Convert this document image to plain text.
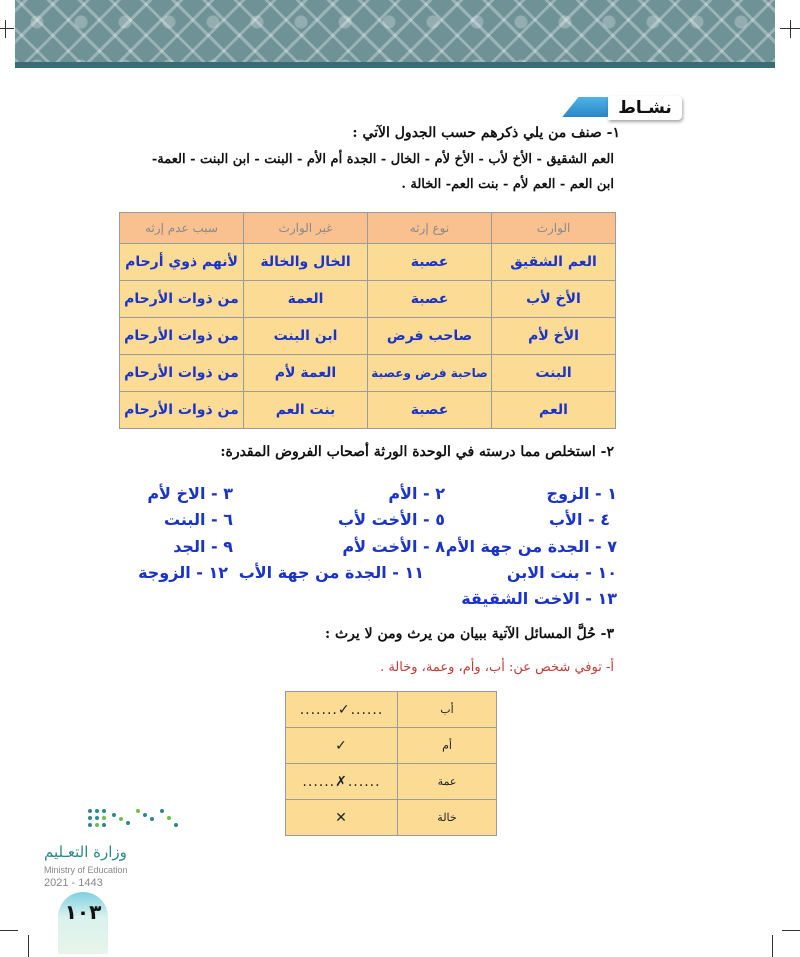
نشـاط
١- صنف من يلي ذكرهم حسب الجدول الآتي :
العم الشقيق - الأخ لأب - الأخ لأم - الخال - الجدة أم الأم - البنت - ابن البنت - العمة-
ابن العم - العم لأم - بنت العم- الخالة .
الوارث	نوع إرثه	غير الوارث	سبب عدم إرثه
العم الشقيق	عصبة	الخال والخالة	لأنهم ذوي أرحام
الأخ لأب	عصبة	العمة	من ذوات الأرحام
الأخ لأم	صاحب فرض	ابن البنت	من ذوات الأرحام
البنت	صاحبة فرض وعصبة	العمة لأم	من ذوات الأرحام
العم	عصبة	بنت العم	من ذوات الأرحام
٢- استخلص مما درسته في الوحدة الورثة أصحاب الفروض المقدرة:
١ - الزوج
٢ - الأم
٣ - الاخ لأم
٤ - الأب
٥ - الأخت لأب
٦ - البنت
٧ - الجدة من جهة الأم
٨ - الأخت لأم
٩ - الجد
١٠ - بنت الابن
١١ - الجدة من جهة الأب
١٢ - الزوجة
١٣ - الاخت الشقيقة
٣- حُلَّ المسائل الآتية ببيان من يرث ومن لا يرث :
أ- توفي شخص عن: أب، وأم، وعمة، وخالة .
أب	......✓.......
أم	✓
عمة	......✗......
خالة	✕
وزارة التعـليم
Ministry of Education
2021 - 1443
١٠٣
